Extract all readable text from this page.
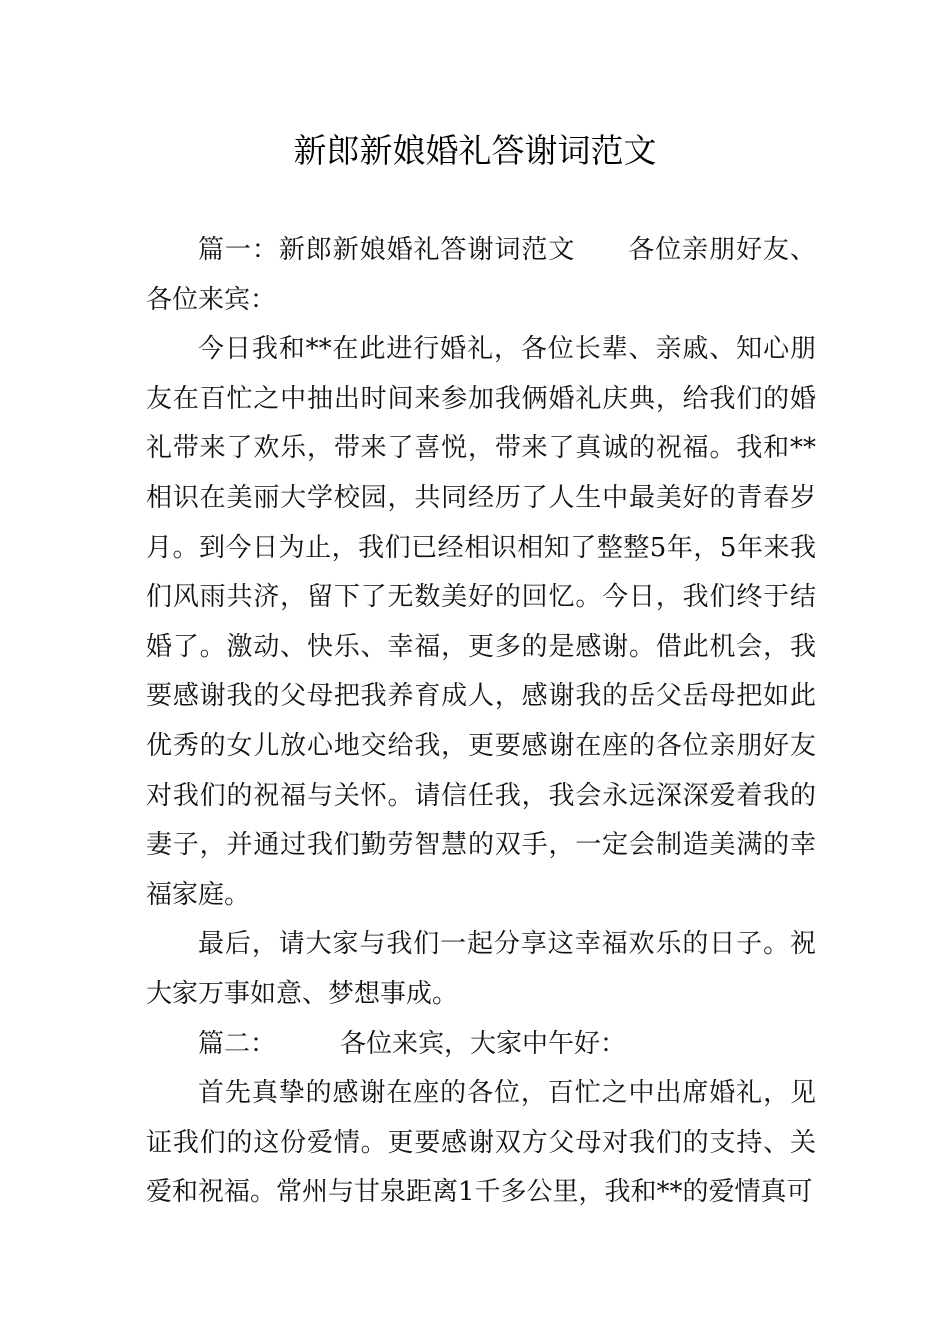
新郎新娘婚礼答谢词范文

篇一：新郎新娘婚礼答谢词范文 各位亲朋好友、各位来宾：

今日我和**在此进行婚礼，各位长辈、亲戚、知心朋友在百忙之中抽出时间来参加我俩婚礼庆典，给我们的婚礼带来了欢乐，带来了喜悦，带来了真诚的祝福。我和**相识在美丽大学校园，共同经历了人生中最美好的青春岁月。到今日为止，我们已经相识相知了整整5年，5年来我们风雨共济，留下了无数美好的回忆。今日，我们终于结婚了。激动、快乐、幸福，更多的是感谢。借此机会，我要感谢我的父母把我养育成人，感谢我的岳父岳母把如此优秀的女儿放心地交给我，更要感谢在座的各位亲朋好友对我们的祝福与关怀。请信任我，我会永远深深爱着我的妻子，并通过我们勤劳智慧的双手，一定会制造美满的幸福家庭。

最后，请大家与我们一起分享这幸福欢乐的日子。祝大家万事如意、梦想事成。

篇二： 各位来宾，大家中午好：

首先真挚的感谢在座的各位，百忙之中出席婚礼，见证我们的这份爱情。更要感谢双方父母对我们的支持、关爱和祝福。常州与甘泉距离1千多公里，我和**的爱情真可
